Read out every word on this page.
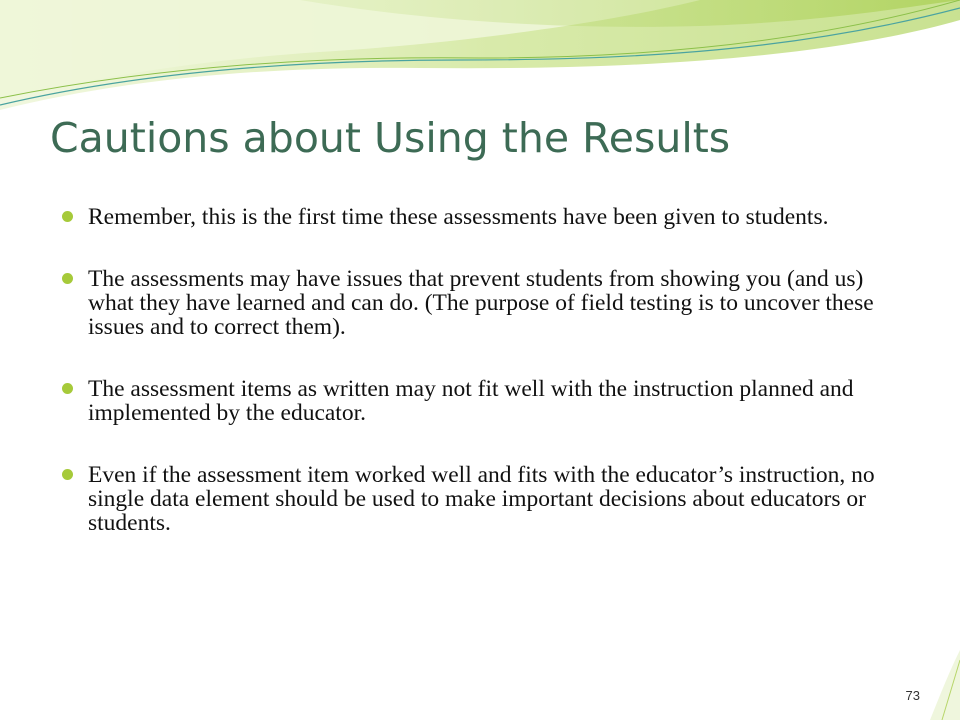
Cautions about Using the Results
Remember, this is the first time these assessments have been given to students.
The assessments may have issues that prevent students from showing you (and us) what they have learned and can do. (The purpose of field testing is to uncover these issues and to correct them).
The assessment items as written may not fit well with the instruction planned and implemented by the educator.
Even if the assessment item worked well and fits with the educator’s instruction, no single data element should be used to make important decisions about educators or students.
73
